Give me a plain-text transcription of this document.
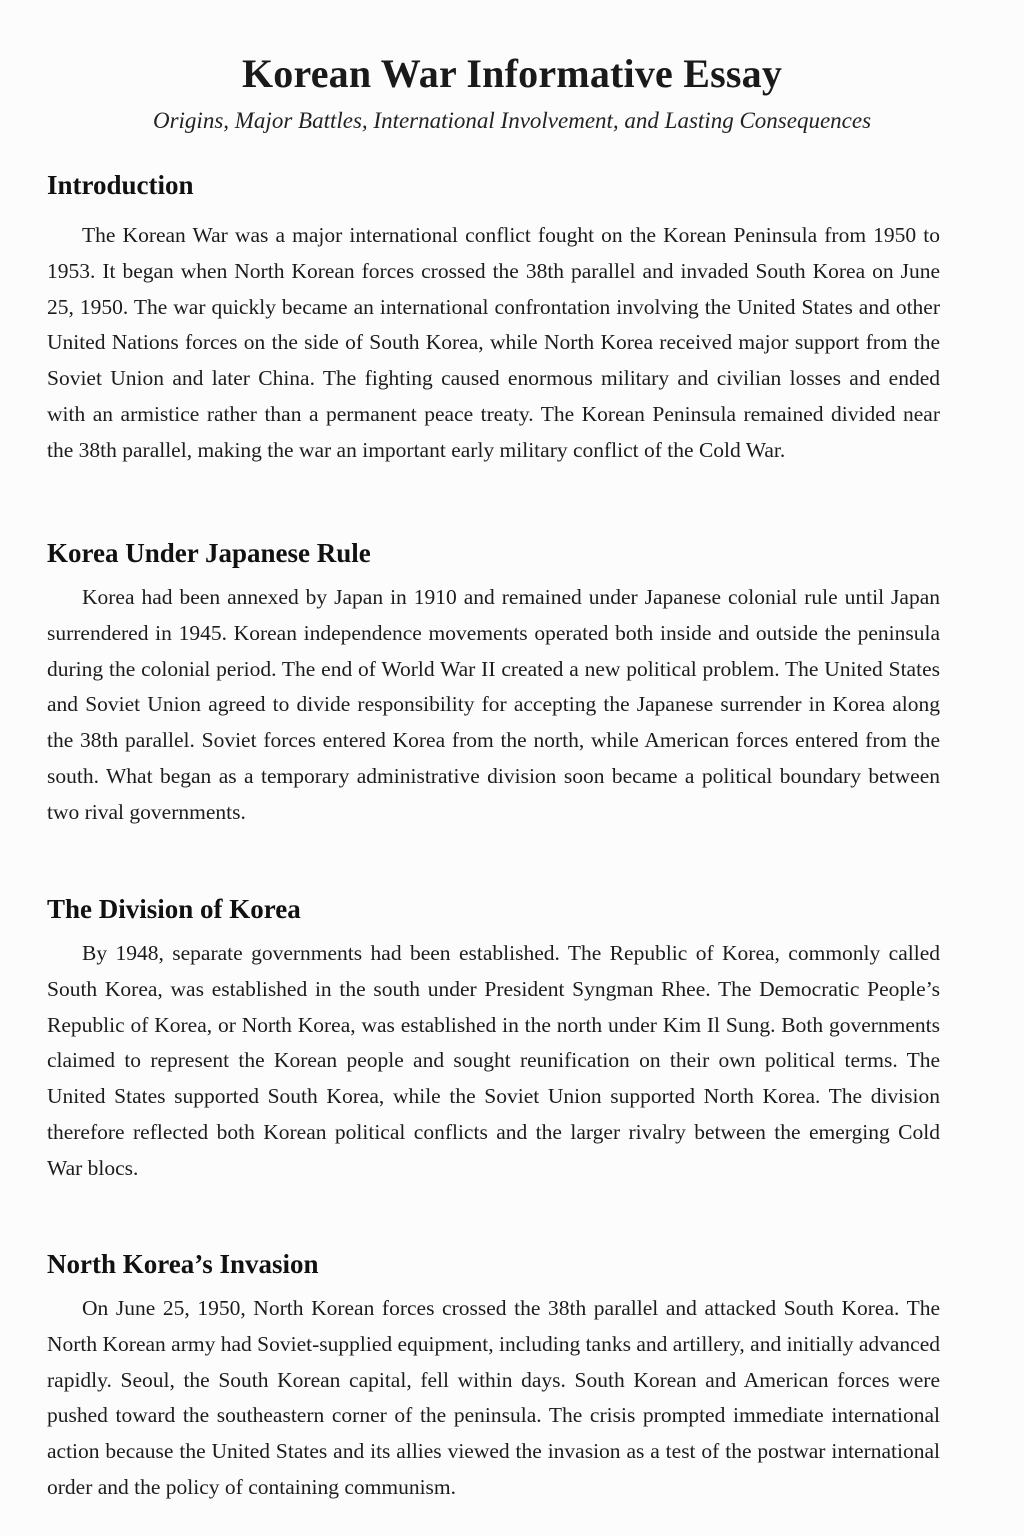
Korean War Informative Essay
Origins, Major Battles, International Involvement, and Lasting Consequences
Introduction

The Korean War was a major international conflict fought on the Korean Peninsula from 1950 to 1953. It began when North Korean forces crossed the 38th parallel and invaded South Korea on June 25, 1950. The war quickly became an international confrontation involving the United States and other United Nations forces on the side of South Korea, while North Korea received major support from the Soviet Union and later China. The fighting caused enormous military and civilian losses and ended with an armistice rather than a permanent peace treaty. The Korean Peninsula remained divided near the 38th parallel, making the war an important early military conflict of the Cold War.

Korea Under Japanese Rule

Korea had been annexed by Japan in 1910 and remained under Japanese colonial rule until Japan surrendered in 1945. Korean independence movements operated both inside and outside the peninsula during the colonial period. The end of World War II created a new political problem. The United States and Soviet Union agreed to divide responsibility for accepting the Japanese surrender in Korea along the 38th parallel. Soviet forces entered Korea from the north, while American forces entered from the south. What began as a temporary administrative division soon became a political boundary between two rival governments.

The Division of Korea

By 1948, separate governments had been established. The Republic of Korea, commonly called South Korea, was established in the south under President Syngman Rhee. The Democratic People’s Republic of Korea, or North Korea, was established in the north under Kim Il Sung. Both governments claimed to represent the Korean people and sought reunification on their own political terms. The United States supported South Korea, while the Soviet Union supported North Korea. The division therefore reflected both Korean political conflicts and the larger rivalry between the emerging Cold War blocs.

North Korea’s Invasion

On June 25, 1950, North Korean forces crossed the 38th parallel and attacked South Korea. The North Korean army had Soviet-supplied equipment, including tanks and artillery, and initially advanced rapidly. Seoul, the South Korean capital, fell within days. South Korean and American forces were pushed toward the southeastern corner of the peninsula. The crisis prompted immediate international action because the United States and its allies viewed the invasion as a test of the postwar international order and the policy of containing communism.
